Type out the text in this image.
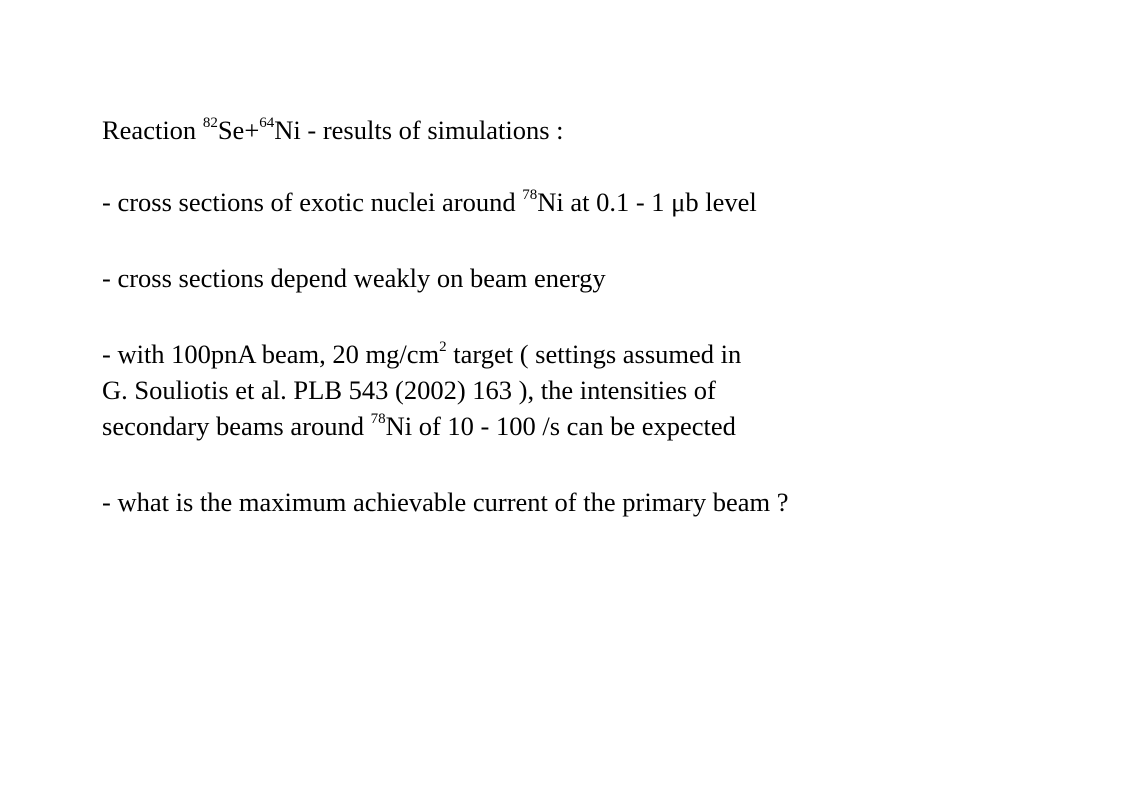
Reaction $^{82}$Se+$^{64}$Ni - results of simulations :
- cross sections of exotic nuclei around $^{78}$Ni at 0.1 - 1 μb level
- cross sections depend weakly on beam energy
- with 100pnA beam, 20 $mg/cm^2$ target ( settings assumed in
G. Souliotis et al. PLB 543 (2002) 163 ), the intensities of
secondary beams around $^{78}$Ni of 10 - 100 /s can be expected
- what is the maximum achievable current of the primary beam ?
